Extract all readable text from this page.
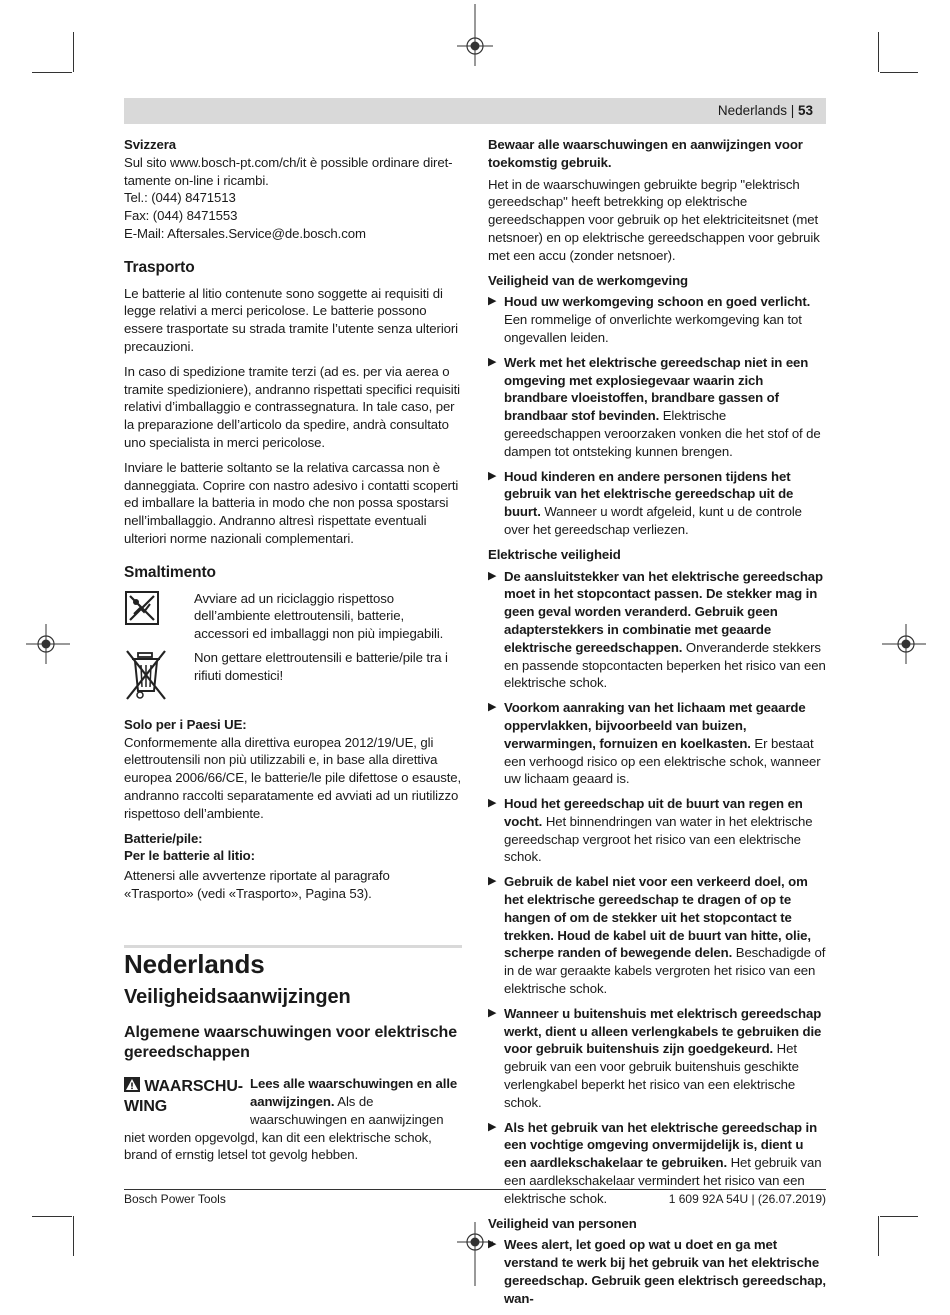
Nederlands | 53
Svizzera
Sul sito www.bosch-pt.com/ch/it è possible ordinare diret-
tamente on-line i ricambi.
Tel.: (044) 8471513
Fax: (044) 8471553
E-Mail: Aftersales.Service@de.bosch.com
Trasporto

Le batterie al litio contenute sono soggette ai requisiti di legge relativi a merci pericolose. Le batterie possono essere trasportate su strada tramite l’utente senza ulteriori precauzioni.

In caso di spedizione tramite terzi (ad es. per via aerea o tramite spedizioniere), andranno rispettati specifici requisiti relativi d’imballaggio e contrassegnatura. In tale caso, per la preparazione dell’articolo da spedire, andrà consultato uno specialista in merci pericolose.

Inviare le batterie soltanto se la relativa carcassa non è danneggiata. Coprire con nastro adesivo i contatti scoperti ed imballare la batteria in modo che non possa spostarsi nell’imballaggio. Andranno altresì rispettate eventuali ulteriori norme nazionali complementari.

Smaltimento
Avviare ad un riciclaggio rispettoso dell’ambiente elettroutensili, batterie, accessori ed imballaggi non più impiegabili.
Non gettare elettroutensili e batterie/pile tra i rifiuti domestici!
Solo per i Paesi UE:

Conformemente alla direttiva europea 2012/19/UE, gli elettroutensili non più utilizzabili e, in base alla direttiva europea 2006/66/CE, le batterie/le pile difettose o esauste, andranno raccolti separatamente ed avviati ad un riutilizzo rispettoso dell’ambiente.

Batterie/pile:
Per le batterie al litio:

Attenersi alle avvertenze riportate al paragrafo «Trasporto» (vedi «Trasporto», Pagina 53).

Nederlands
Veiligheidsaanwijzingen
Algemene waarschuwingen voor elektrische gereedschappen
WAARSCHU-WING
Lees alle waarschuwingen en alle aanwijzingen. Als de waarschuwingen en aanwijzingen niet worden opgevolgd, kan dit een elektrische schok, brand of ernstig letsel tot gevolg hebben.

Bewaar alle waarschuwingen en aanwijzingen voor toekomstig gebruik.

Het in de waarschuwingen gebruikte begrip "elektrisch gereedschap" heeft betrekking op elektrische gereedschappen voor gebruik op het elektriciteitsnet (met netsnoer) en op elektrische gereedschappen voor gebruik met een accu (zonder netsnoer).

Veiligheid van de werkomgeving
▶ Houd uw werkomgeving schoon en goed verlicht. Een rommelige of onverlichte werkomgeving kan tot ongevallen leiden.
▶ Werk met het elektrische gereedschap niet in een omgeving met explosiegevaar waarin zich brandbare vloeistoffen, brandbare gassen of brandbaar stof bevinden. Elektrische gereedschappen veroorzaken vonken die het stof of de dampen tot ontsteking kunnen brengen.
▶ Houd kinderen en andere personen tijdens het gebruik van het elektrische gereedschap uit de buurt. Wanneer u wordt afgeleid, kunt u de controle over het gereedschap verliezen.
Elektrische veiligheid
▶ De aansluitstekker van het elektrische gereedschap moet in het stopcontact passen. De stekker mag in geen geval worden veranderd. Gebruik geen adapterstekkers in combinatie met geaarde elektrische gereedschappen. Onveranderde stekkers en passende stopcontacten beperken het risico van een elektrische schok.
▶ Voorkom aanraking van het lichaam met geaarde oppervlakken, bijvoorbeeld van buizen, verwarmingen, fornuizen en koelkasten. Er bestaat een verhoogd risico op een elektrische schok, wanneer uw lichaam geaard is.
▶ Houd het gereedschap uit de buurt van regen en vocht. Het binnendringen van water in het elektrische gereedschap vergroot het risico van een elektrische schok.
▶ Gebruik de kabel niet voor een verkeerd doel, om het elektrische gereedschap te dragen of op te hangen of om de stekker uit het stopcontact te trekken. Houd de kabel uit de buurt van hitte, olie, scherpe randen of bewegende delen. Beschadigde of in de war geraakte kabels vergroten het risico van een elektrische schok.
▶ Wanneer u buitenshuis met elektrisch gereedschap werkt, dient u alleen verlengkabels te gebruiken die voor gebruik buitenshuis zijn goedgekeurd. Het gebruik van een voor gebruik buitenshuis geschikte verlengkabel beperkt het risico van een elektrische schok.
▶ Als het gebruik van het elektrische gereedschap in een vochtige omgeving onvermijdelijk is, dient u een aardlekschakelaar te gebruiken. Het gebruik van een aardlekschakelaar vermindert het risico van een elektrische schok.
Veiligheid van personen
▶ Wees alert, let goed op wat u doet en ga met verstand te werk bij het gebruik van het elektrische gereedschap. Gebruik geen elektrisch gereedschap, wan-
Bosch Power Tools	1 609 92A 54U | (26.07.2019)
